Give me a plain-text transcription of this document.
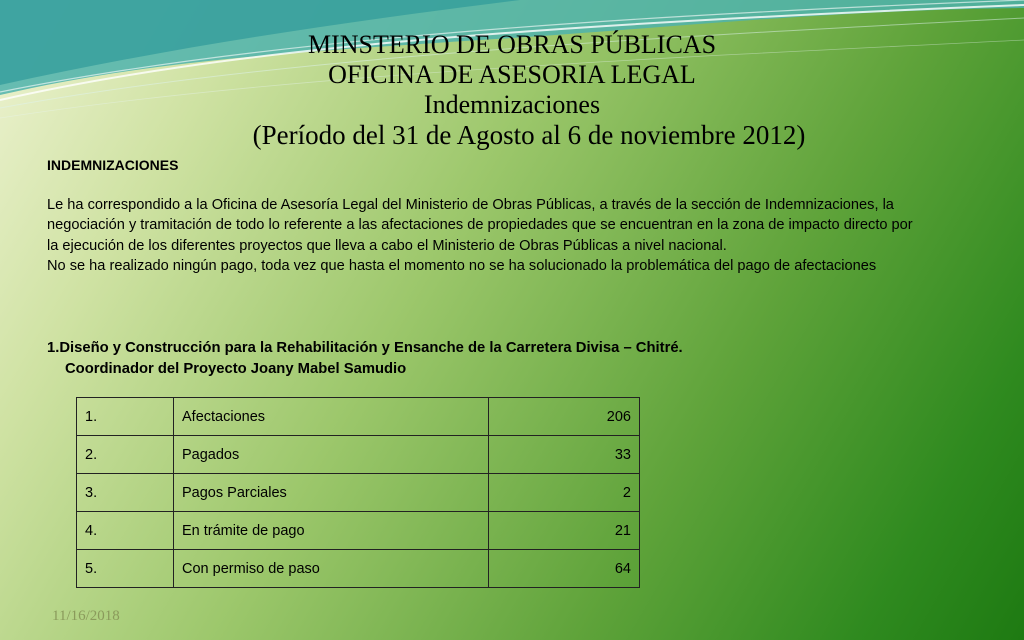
MINSTERIO DE OBRAS PÚBLICAS
OFICINA DE ASESORIA LEGAL
Indemnizaciones
(Período del 31 de Agosto al 6 de noviembre 2012)
INDEMNIZACIONES
Le ha correspondido a la Oficina de Asesoría Legal del Ministerio de Obras Públicas, a través de la sección de Indemnizaciones, la negociación y tramitación de todo lo referente a las afectaciones de propiedades que se encuentran en la zona de impacto directo por la ejecución de los diferentes proyectos que lleva a cabo el Ministerio de Obras Públicas a nivel nacional.
No se ha realizado ningún pago, toda vez que hasta el momento no se ha solucionado la problemática del pago de afectaciones
1.Diseño y Construcción para la Rehabilitación y Ensanche de la Carretera Divisa – Chitré.
Coordinador del Proyecto Joany Mabel Samudio
1.	Afectaciones	206
2.	Pagados	33
3.	Pagos Parciales	2
4.	En trámite de pago	21
5.	Con permiso de paso	64
11/16/2018
